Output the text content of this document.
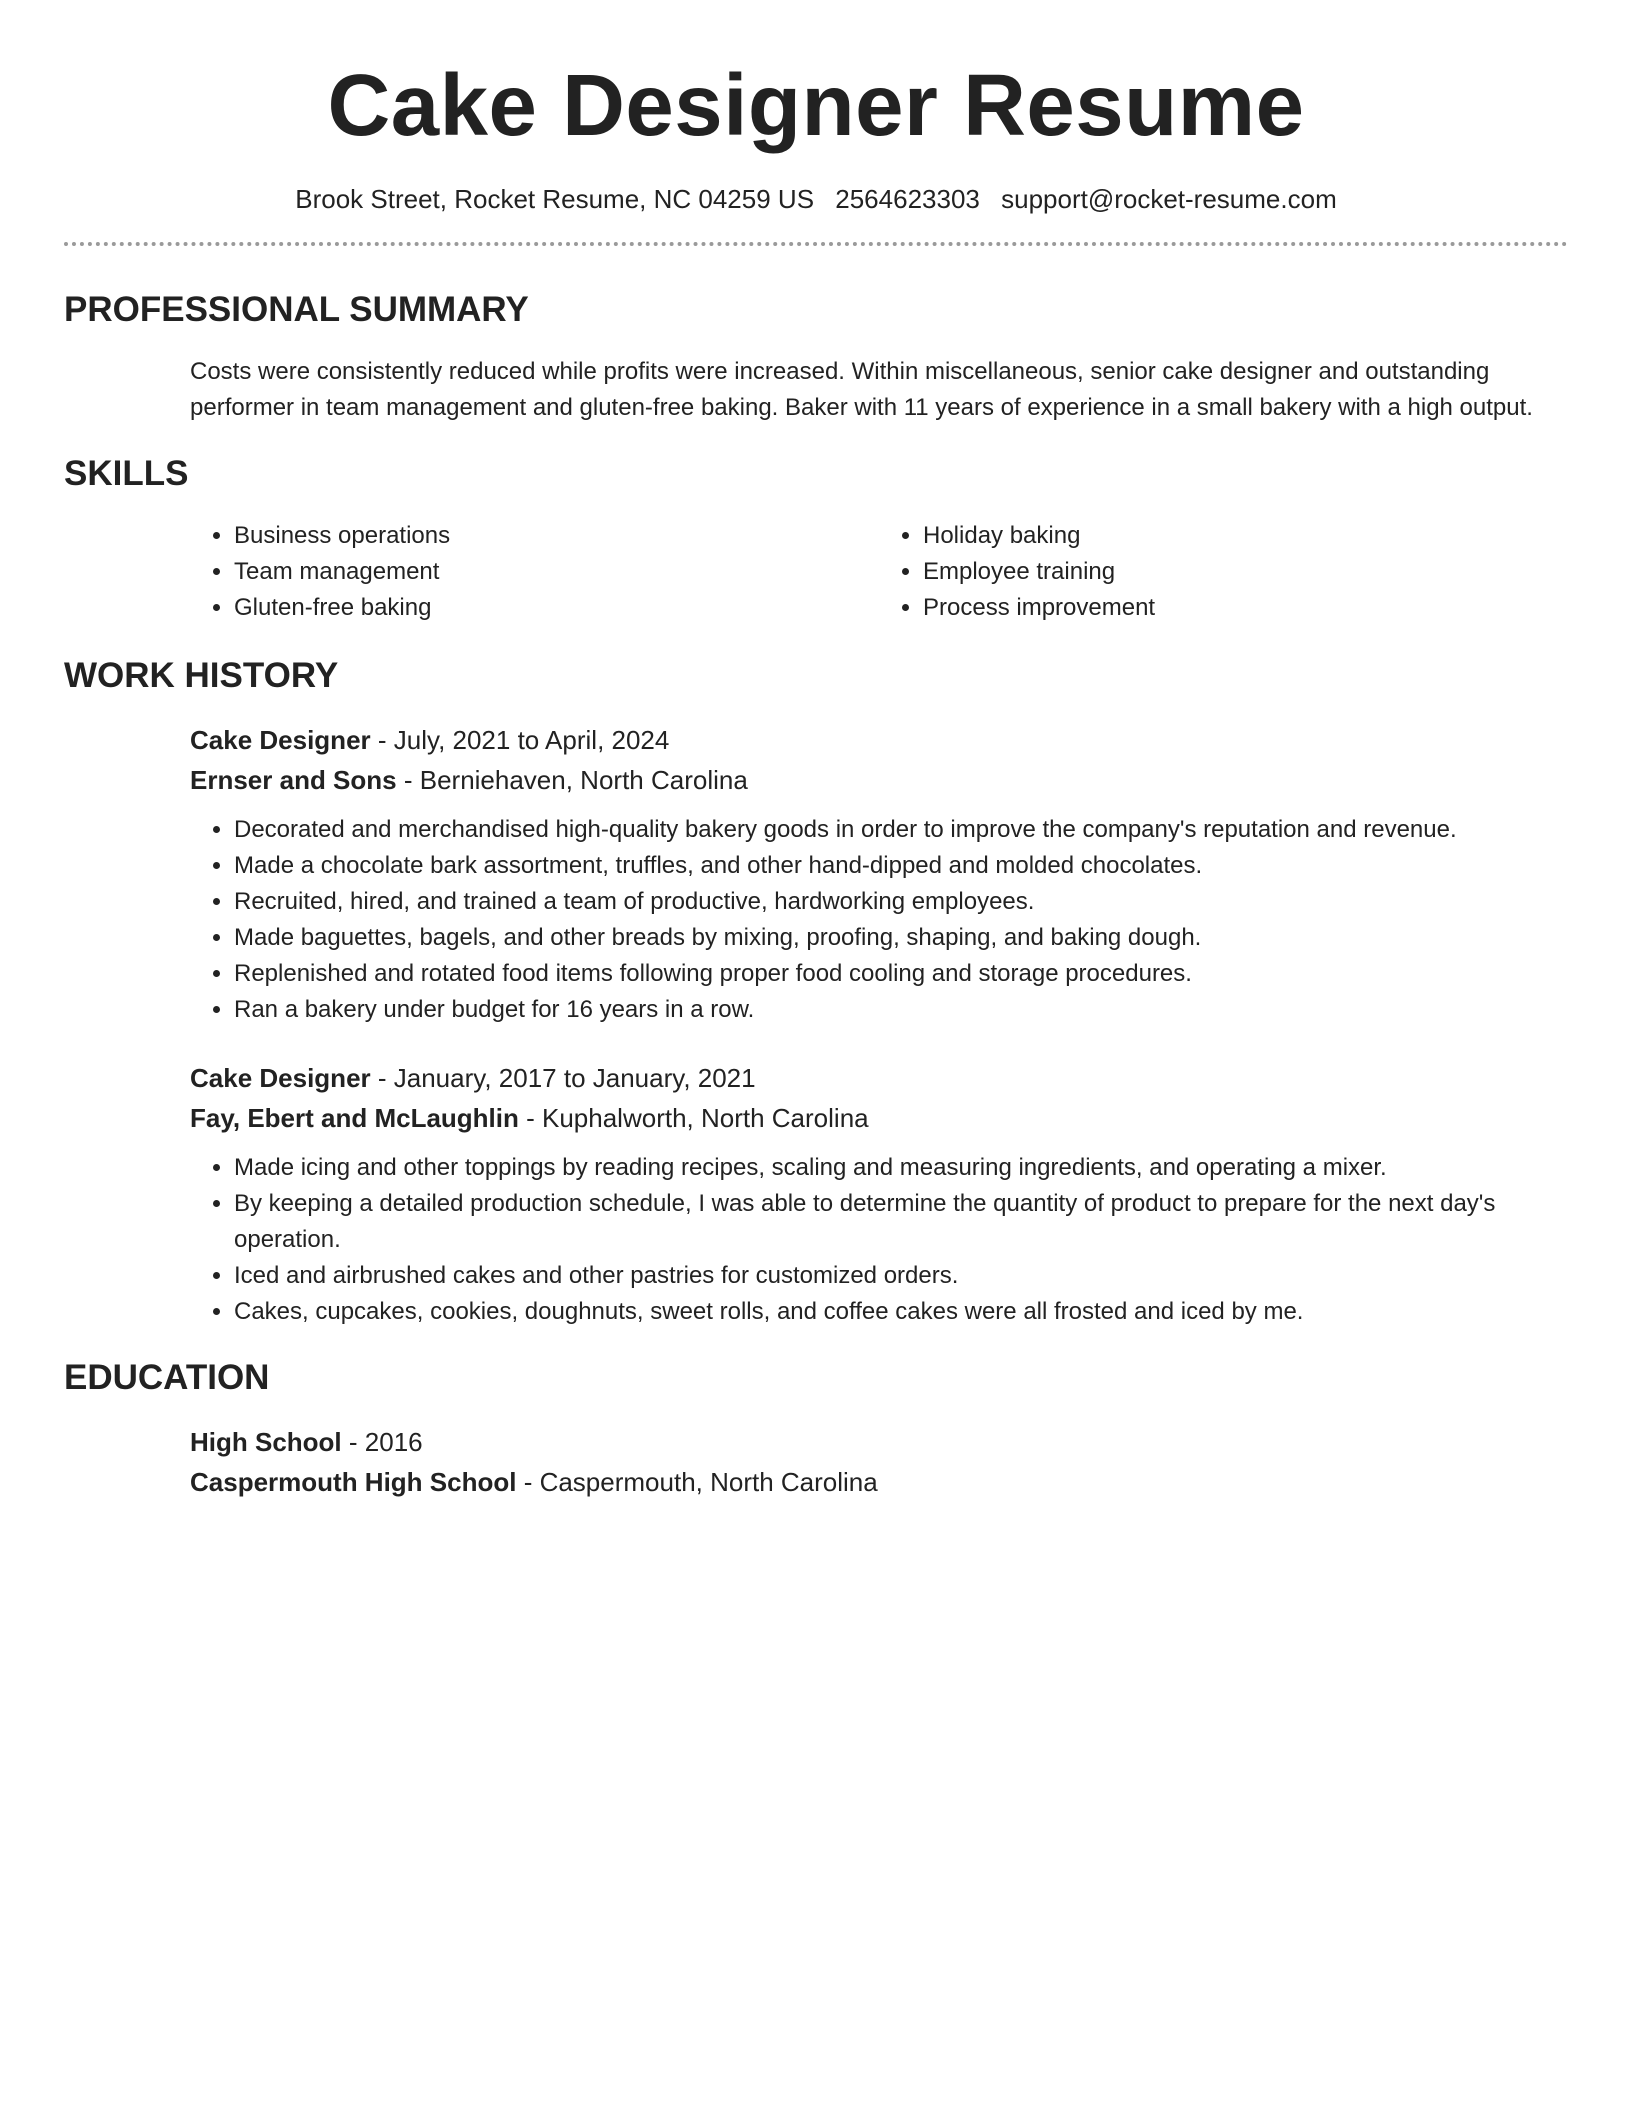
Cake Designer Resume
Brook Street, Rocket Resume, NC 04259 US 2564623303 support@rocket-resume.com
PROFESSIONAL SUMMARY

Costs were consistently reduced while profits were increased. Within miscellaneous, senior cake designer and outstanding performer in team management and gluten-free baking. Baker with 11 years of experience in a small bakery with a high output.

SKILLS
• Business operations
• Team management
• Gluten-free baking
• Holiday baking
• Employee training
• Process improvement
WORK HISTORY

Cake Designer - July, 2021 to April, 2024

Ernser and Sons - Berniehaven, North Carolina

• Decorated and merchandised high-quality bakery goods in order to improve the company's reputation and revenue.
• Made a chocolate bark assortment, truffles, and other hand-dipped and molded chocolates.
• Recruited, hired, and trained a team of productive, hardworking employees.
• Made baguettes, bagels, and other breads by mixing, proofing, shaping, and baking dough.
• Replenished and rotated food items following proper food cooling and storage procedures.
• Ran a bakery under budget for 16 years in a row.

Cake Designer - January, 2017 to January, 2021

Fay, Ebert and McLaughlin - Kuphalworth, North Carolina

• Made icing and other toppings by reading recipes, scaling and measuring ingredients, and operating a mixer.
• By keeping a detailed production schedule, I was able to determine the quantity of product to prepare for the next day's operation.
• Iced and airbrushed cakes and other pastries for customized orders.
• Cakes, cupcakes, cookies, doughnuts, sweet rolls, and coffee cakes were all frosted and iced by me.
EDUCATION

High School - 2016

Caspermouth High School - Caspermouth, North Carolina
